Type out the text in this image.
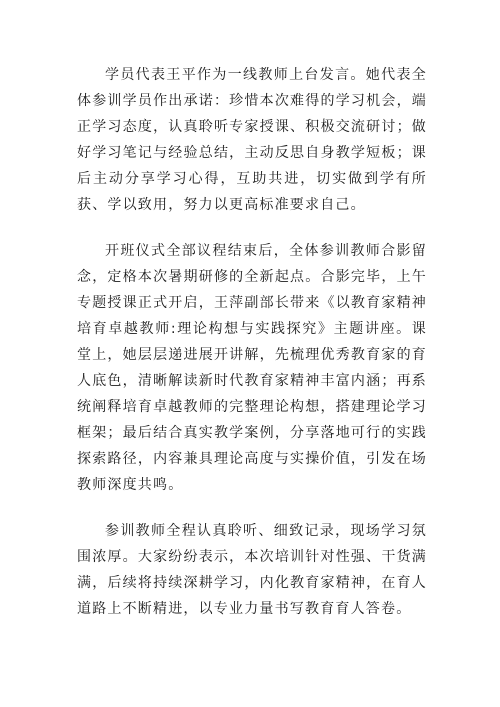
学员代表王平作为一线教师上台发言。她代表全体参训学员作出承诺：珍惜本次难得的学习机会，端正学习态度，认真聆听专家授课、积极交流研讨；做好学习笔记与经验总结，主动反思自身教学短板；课后主动分享学习心得，互助共进，切实做到学有所获、学以致用，努力以更高标准要求自己。

开班仪式全部议程结束后，全体参训教师合影留念，定格本次暑期研修的全新起点。合影完毕，上午专题授课正式开启，王萍副部长带来《以教育家精神培育卓越教师:理论构想与实践探究》主题讲座。课堂上，她层层递进展开讲解，先梳理优秀教育家的育人底色，清晰解读新时代教育家精神丰富内涵；再系统阐释培育卓越教师的完整理论构想，搭建理论学习框架；最后结合真实教学案例，分享落地可行的实践探索路径，内容兼具理论高度与实操价值，引发在场教师深度共鸣。

参训教师全程认真聆听、细致记录，现场学习氛围浓厚。大家纷纷表示，本次培训针对性强、干货满满，后续将持续深耕学习，内化教育家精神，在育人道路上不断精进，以专业力量书写教育育人答卷。
